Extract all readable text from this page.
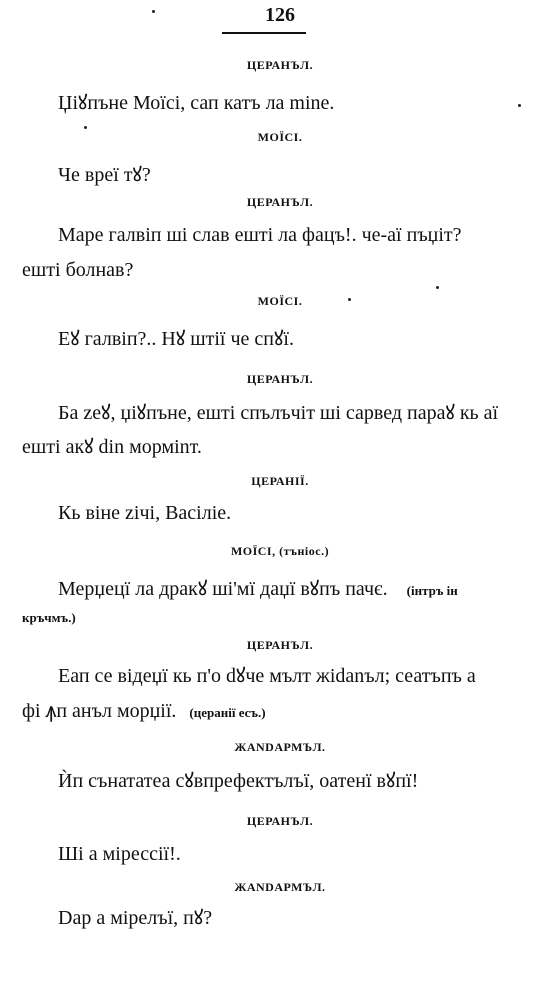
126
ЦЕРАНЪЛ.
Џіꙋпъне Моїсі, сап катъ ла mine.
МОЇСІ.
Че вреї тꙋ?
ЦЕРАНЪЛ.
Маре галвіп ші слав ешті ла фацъ!. че-аї пъџіт?
ешті болнав?
МОЇСІ.
Еꙋ галвіп?.. Нꙋ штії че спꙋї.
ЦЕРАНЪЛ.
Ба zеꙋ, џіꙋпъне, ешті спълъчіт ші сарвед параꙋ кь аї
ешті акꙋ din морміnт.
ЦЕРАНІЇ.
Кь віне zічі, Васіліе.
МОЇСІ, (тъніос.)
Мерџецї ла дракꙋ ші'мї даџї вꙋпъ пачє. (інтръ ін
кръчмъ.)
ЦЕРАНЪЛ.
Еап се відеџї кь п'о dꙋче мълт жіdanъл; сеатъпъ а
фі ꙟп анъл морџії. (церанії есъ.)
ЖАNDАРМЪЛ.
Ѝп сънататеа сꙋвпрефектълъї, оатенї вꙋпї!
ЦЕРАНЪЛ.
Ші а мірессії!.
ЖАNDАРМЪЛ.
Dар а мірелъї, пꙋ?
